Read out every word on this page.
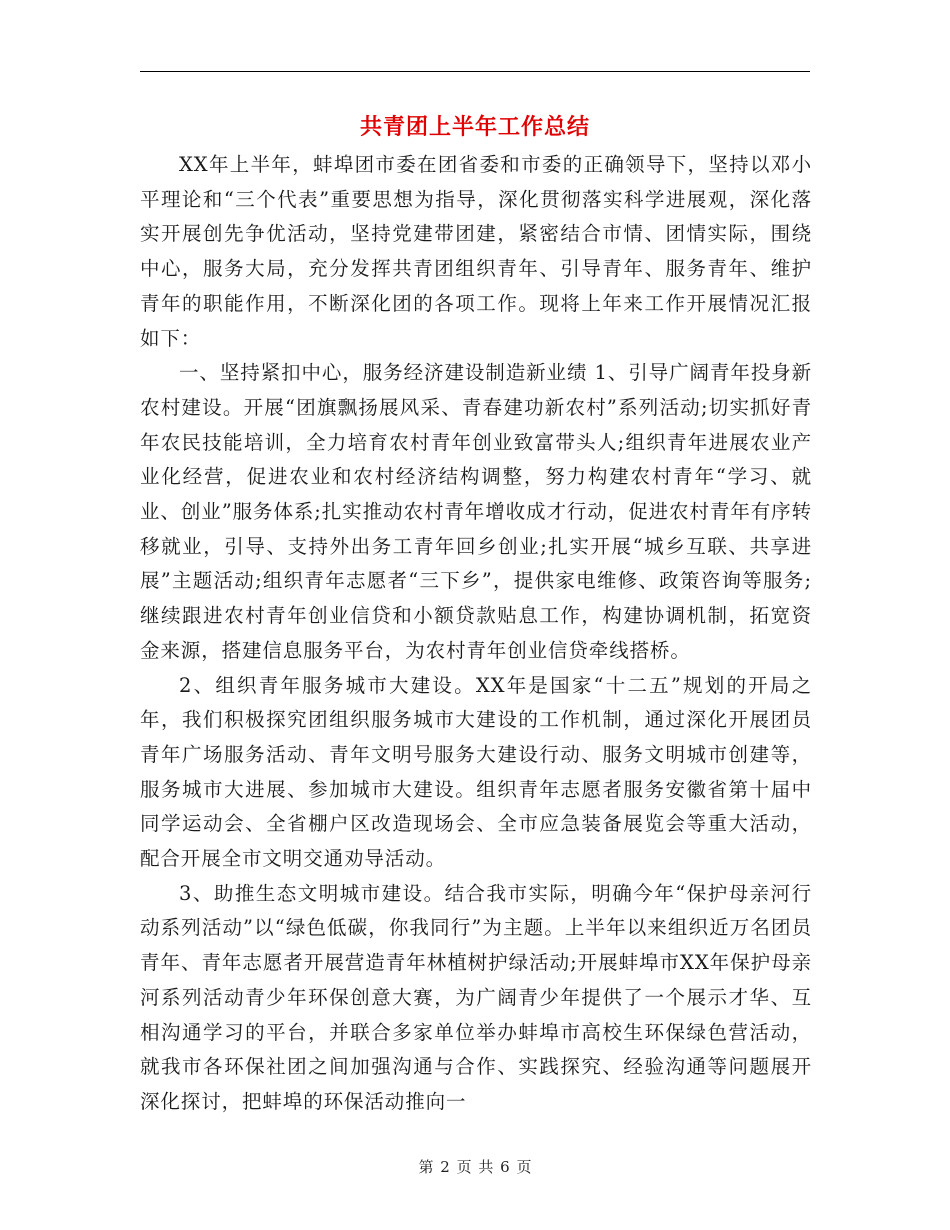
共青团上半年工作总结

XX年上半年，蚌埠团市委在团省委和市委的正确领导下，坚持以邓小平理论和“三个代表”重要思想为指导，深化贯彻落实科学进展观，深化落实开展创先争优活动，坚持党建带团建，紧密结合市情、团情实际，围绕中心，服务大局，充分发挥共青团组织青年、引导青年、服务青年、维护青年的职能作用，不断深化团的各项工作。现将上年来工作开展情况汇报如下：

一、坚持紧扣中心，服务经济建设制造新业绩 1、引导广阔青年投身新农村建设。开展“团旗飘扬展风采、青春建功新农村”系列活动;切实抓好青年农民技能培训，全力培育农村青年创业致富带头人;组织青年进展农业产业化经营，促进农业和农村经济结构调整，努力构建农村青年“学习、就业、创业”服务体系;扎实推动农村青年增收成才行动，促进农村青年有序转移就业，引导、支持外出务工青年回乡创业;扎实开展“城乡互联、共享进展”主题活动;组织青年志愿者“三下乡”，提供家电维修、政策咨询等服务;继续跟进农村青年创业信贷和小额贷款贴息工作，构建协调机制，拓宽资金来源，搭建信息服务平台，为农村青年创业信贷牵线搭桥。

2、组织青年服务城市大建设。XX年是国家“十二五”规划的开局之年，我们积极探究团组织服务城市大建设的工作机制，通过深化开展团员青年广场服务活动、青年文明号服务大建设行动、服务文明城市创建等，服务城市大进展、参加城市大建设。组织青年志愿者服务安徽省第十届中同学运动会、全省棚户区改造现场会、全市应急装备展览会等重大活动，配合开展全市文明交通劝导活动。

3、助推生态文明城市建设。结合我市实际，明确今年“保护母亲河行动系列活动”以“绿色低碳，你我同行”为主题。上半年以来组织近万名团员青年、青年志愿者开展营造青年林植树护绿活动;开展蚌埠市XX年保护母亲河系列活动青少年环保创意大赛，为广阔青少年提供了一个展示才华、互相沟通学习的平台，并联合多家单位举办蚌埠市高校生环保绿色营活动，就我市各环保社团之间加强沟通与合作、实践探究、经验沟通等问题展开深化探讨，把蚌埠的环保活动推向一

第 2 页 共 6 页
